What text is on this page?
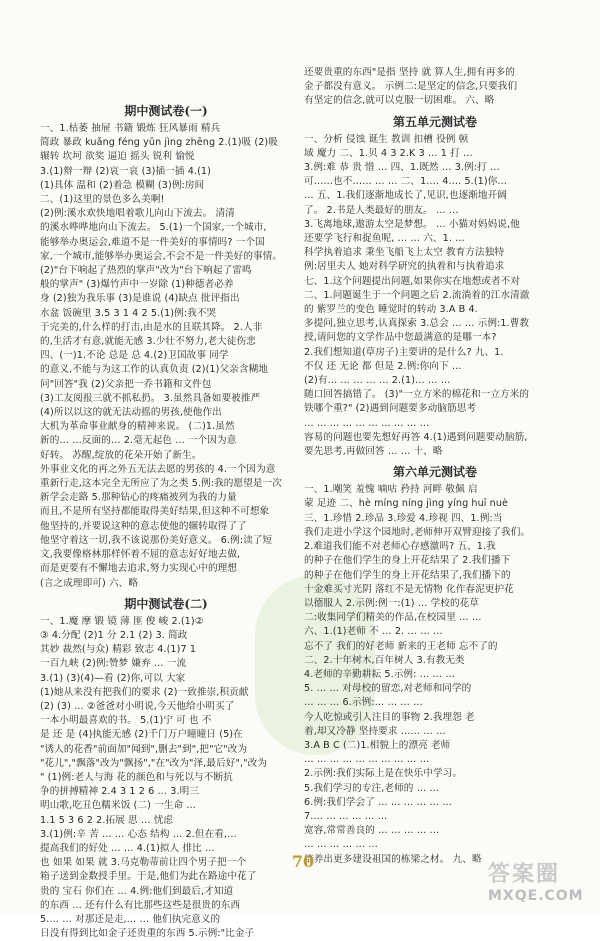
期中测试卷(一)
一、1.枯萎 抽屉 书籍 锻炼 狂风暴雨 精兵
简政 暴政 kuǎng féng yǔn jìng zhēng 2.(1)吸 (2)吸
辗转 坎坷 欲奖 逼迫 摇头 锐利 愉悦
3.(1)辩一辩 (2)哀一哀 (3)插一插 4.(1)
(1)具体 温和 (2)着急 模糊 (3)例:房间
二、(1)这里的景色多么美啊!
(2)例:溪水欢快地唱着歌儿向山下流去。 清清
的溪水哗哗地向山下流去。 5.(1)一个国家,一个城市,
能够举办奥运会,难道不是一件美好的事情吗? 一个国
家,一个城市,能够举办奥运会,不会不是一件美好的事情。
(2)"台下响起了热烈的掌声"改为"台下响起了雷鸣
般的掌声" (3)爆竹声中一岁除 (1)种德者必养
身 (2)独为我乐事 (3)是谁说 (4)缺点 批评指出
水盆 饭碗里 3.5 3 1 4 2 5.(1)例:我不哭
于完美的,什么样的打击,由是水的且联其降。 2.人非
的,生活才有意,就能无感 3.少壮不努力,老大徒伤悲
四、(一)1.不论 总是 总 4.(2)卫国故事 同学
的意义,不能与为这工作的认真负责 (2)(1)父亲含糊地
问"回答"我 (2)父亲把一乔书籍和文件包
(3)工友阅报三就不抓私扔。 3.虽然具备如要被推严
(4)所以以这的就无法动摇的男孩,使他作出
大机为革命事业献身的精神来说。 (二)1.虽然
新的… …反面的… 2.毫无起色 … 一个因为意
好转。 苏醒,绽放的花朵开始了新生。
外事业文化的再之外五无法去愿的男孩的 4.一个因为意
重新行走,这本完全无所应了为之类 5.例:我的愿望是一次
新学会走路 5.那种钻心的疼痛被列为我的力量
而且,不是所有坚持都能取得美好结果,但这种不可想象
他坚持的,并要说这种的意志使他的辗转取得了了
他坚守着这一切,我不该说那份美好意义。 6.例:读了短
文,我要像格林那样怀着不屈的意志好好地去做,
而是更要有不懈地去追求,努力实现心中的理想
(言之成理即可) 六、略
期中测试卷(二)
一、1.魔 摩 锻 镜 薄 匪 俊 峻 2.(1)②
③ 4.分配 (2)1 分 2.1 (2) 3. 简政
其妙 裁然(与众) 精彩 致志 4.(1)7 1
一百九峡 (2)例:赞梦 嫌弃 … 一流
3.(1) (3)(4)—看 (2)你,可以 大家
(1)她从来没有把我们的要求 (2)一致推崇,积贡献
(2) (3) … ②爸爸对小明说,今天他给小明买了
一本小明最喜欢的书。 5.(1)宁 可 也 不
是 还 是 (4)执能无感 (2)千门万户曈曈日 (5)在
"诱人的花香"前面加"闻到",删去"到",把"它"改为
"花儿","飘落"改为"飘扬","在"改为"泽,最后好","改为
" (1)例:老人与海 花的颜色和与死以与不断抗
争的拼搏精神 2.4 3 1 2 6 … 3.明三
明山歌,吃丑色糯米饭 (二) 一生命 …
1.1 5 3 6 2 2.拓展 思 … 忧虑
3.(1)例:辛 苦 … … 心态 结构 … 2.但在看,…
提高我们的好处 … … 4.(1)拟人 排比 …
也 如果 如果 就 3.马克勒蒂前让四个男子把一个
箱子送到金数授手里。于是,他们为此在路途中花了
贵的 宝石 你们在 … 4.例:他们到最后,才知道
的东西 … 还有什么有比那些这些是很贵的东西
5.… … 对那还是走,… … 他们执完意义的
日没有得到比如金子还贵重的东西 5.示例:"比金子
还要贵重的东西"是指 坚持 就 算人生,拥有再多的
金子都没有意义。 示例二:是坚定的信念,只要我们
有坚定的信念,就可以克服一切困难。 六、略
第五单元测试卷
一、分析 侵蚀 诞生 教训 扣槽 役例 顿
域 魔力 二、1.贝 4 3 2.K 3 … 1 打 …
3.例:难 恭 贵 惜 … 四、1.既然 … 3.例:打 …
可……也不…… … … 二、1.… 4.… 5.(1)你…
… 五、1.我们逐渐地成长了,见识,也逐渐地开阔
了。 2.书是人类最好的朋友。 … …
3.飞离地球,遨游太空是梦想。 … 小猫对妈妈说,他
还要学飞行和捉鱼呢, … … 六、1. …
科学执着追求 秉坐飞船飞上太空 教育方法独特
例:居里夫人 她对科学研究的执着和与执着追求
七、1.这个问题提出问题,如果你实在地想或者不对
二、1.问题诞生于一个问题之后 2.流淌着的江水清澈
的 紫罗兰的变色 睡觉时的转动 3.A B 4.
多提问,独立思考,认真探索 3.总会 … … 示例:1.曹教
授,请问您的文学作品中您最满意的是哪一本?
2.我们想知道(草房子)主要讲的是什么? 九、1.
不仅 还 无论 都 但是 2.例:你向下 …
(2)有… … … … … 2.(1)… … …
随口回答搞错了。 (3)"一立方米的棉花和一立方米的
铁哪个重?" (2)遇到问题要多动脑筋思考
… … … … … … … … … …
容易的问题也要先想好再答 4.(1)遇到问题要动脑筋,
要先思考,再做回答 … … 十、略
第六单元测试卷
一、1.嘲笑 羞愧 嘀咕 矜持 河畔 敬佩 启
蒙 足迹 二、hè míng níng jìng yíng huī nuè
三、1.珍惜 2.珍品 3.珍爱 4.珍视 四、1.例:当
我们走进小学这个园地时,老师伸开双臂迎接了我们。
2.难道我们能不对老师心存感激吗? 五、1.我
的种子在他们学生的身上开花结果了 2.我们播下
的种子在他们学生的身上开花结果了,我们播下的
十金难买寸光阴 落红不是无情物 化作春泥更护花
以德服人 2.示例:例一:(1) … 学校的花草
二:收集同学们精美的作品,在校园里 … …
六、1.(1)老师 不 … 2. … … …
忘不了 我们的好老师 新来的王老师 忘不了的
二、2.十年树木,百年树人 3.有教无类
4.老师的辛勤耕耘 5.示例: … … …
5. … … 对母校的留恋,对老师和同学的
… … … 6.示例:… … … …
今人吃惊或引人注目的事物 2.我埋怨 老
着,却又冷静 坚持要求 …… … …
3.A B C (二)1.相貌上的漂亮 老师
… … … … … … … … … …
2.示例:我们实际上是在快乐中学习。
5.我们学习的专注,老师的 … …
6.例:我们学会了 … … … … … …
7.… … … … … …
宽容,常常善良的 … … … … …
… … … … … …
培养出更多建设祖国的栋梁之材。 九、略
70
答案圈
MXQE.COM
